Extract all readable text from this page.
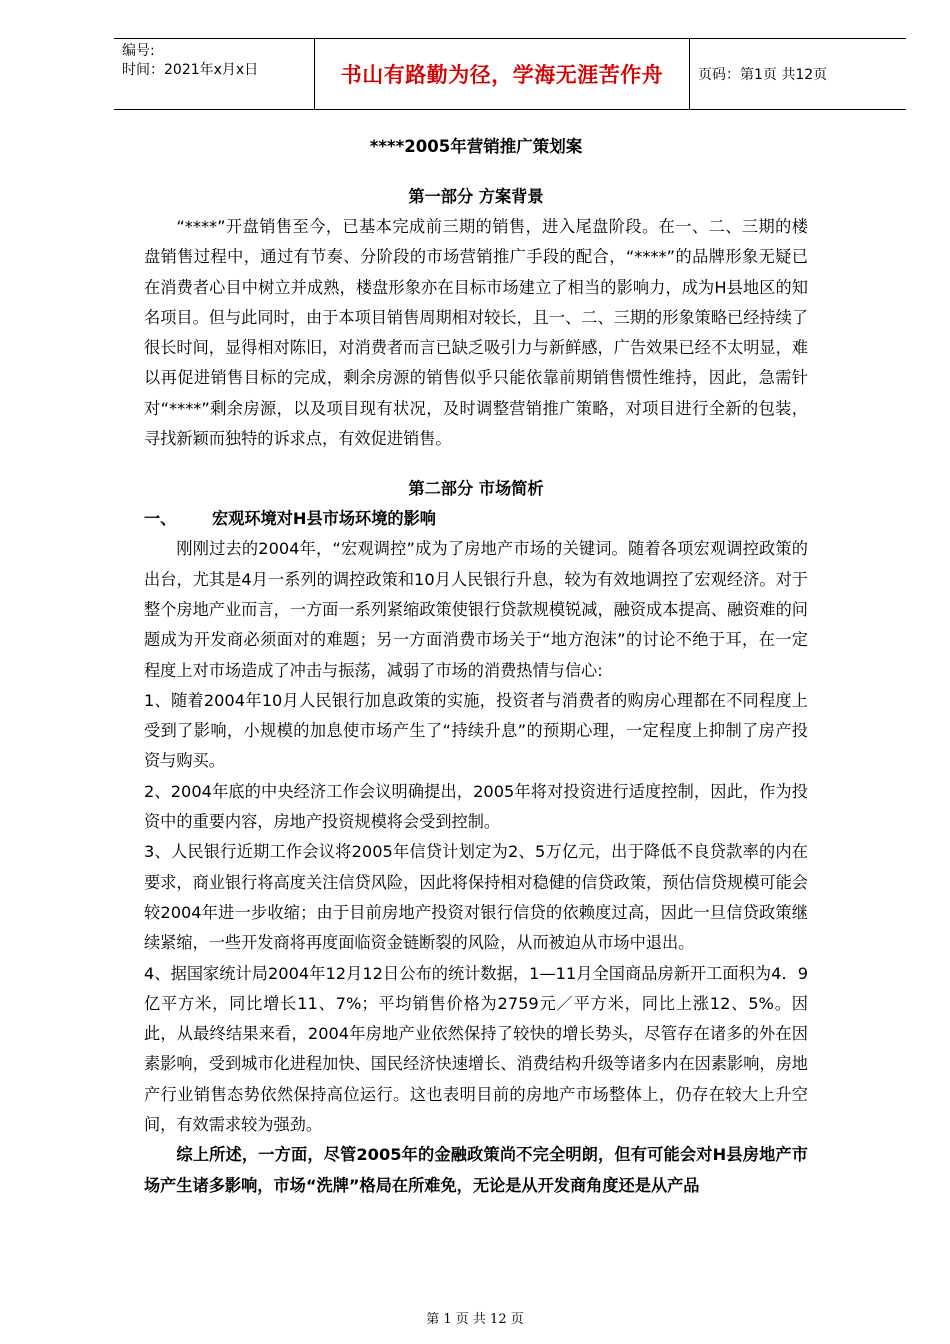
编号:
时间：2021年x月x日	书山有路勤为径，学海无涯苦作舟 页码：第1页 共12页

****2005年营销推广策划案

第一部分 方案背景

“****”开盘销售至今，已基本完成前三期的销售，进入尾盘阶段。在一、二、三期的楼盘销售过程中，通过有节奏、分阶段的市场营销推广手段的配合，“****”的品牌形象无疑已在消费者心目中树立并成熟，楼盘形象亦在目标市场建立了相当的影响力，成为H县地区的知名项目。但与此同时，由于本项目销售周期相对较长，且一、二、三期的形象策略已经持续了很长时间，显得相对陈旧，对消费者而言已缺乏吸引力与新鲜感，广告效果已经不太明显，难以再促进销售目标的完成，剩余房源的销售似乎只能依靠前期销售惯性维持，因此，急需针对“****”剩余房源，以及项目现有状况，及时调整营销推广策略，对项目进行全新的包装，寻找新颖而独特的诉求点，有效促进销售。

第二部分 市场简析

一、 宏观环境对H县市场环境的影响

刚刚过去的2004年，“宏观调控”成为了房地产市场的关键词。随着各项宏观调控政策的出台，尤其是4月一系列的调控政策和10月人民银行升息，较为有效地调控了宏观经济。对于整个房地产业而言，一方面一系列紧缩政策使银行贷款规模锐减，融资成本提高、融资难的问题成为开发商必须面对的难题；另一方面消费市场关于“地方泡沫”的讨论不绝于耳，在一定程度上对市场造成了冲击与振荡，减弱了市场的消费热情与信心:

1、随着2004年10月人民银行加息政策的实施，投资者与消费者的购房心理都在不同程度上受到了影响，小规模的加息使市场产生了“持续升息”的预期心理，一定程度上抑制了房产投资与购买。

2、2004年底的中央经济工作会议明确提出，2005年将对投资进行适度控制，因此，作为投资中的重要内容，房地产投资规模将会受到控制。

3、人民银行近期工作会议将2005年信贷计划定为2、5万亿元，出于降低不良贷款率的内在要求，商业银行将高度关注信贷风险，因此将保持相对稳健的信贷政策，预估信贷规模可能会较2004年进一步收缩；由于目前房地产投资对银行信贷的依赖度过高，因此一旦信贷政策继续紧缩，一些开发商将再度面临资金链断裂的风险，从而被迫从市场中退出。

4、据国家统计局2004年12月12日公布的统计数据，1—11月全国商品房新开工面积为4．9亿平方米，同比增长11、7%；平均销售价格为2759元／平方米，同比上涨12、5%。因此，从最终结果来看，2004年房地产业依然保持了较快的增长势头，尽管存在诸多的外在因素影响，受到城市化进程加快、国民经济快速增长、消费结构升级等诸多内在因素影响，房地产行业销售态势依然保持高位运行。这也表明目前的房地产市场整体上，仍存在较大上升空间，有效需求较为强劲。

综上所述，一方面，尽管2005年的金融政策尚不完全明朗，但有可能会对H县房地产市场产生诸多影响，市场“洗牌”格局在所难免，无论是从开发商角度还是从产品

第 1 页 共 12 页
